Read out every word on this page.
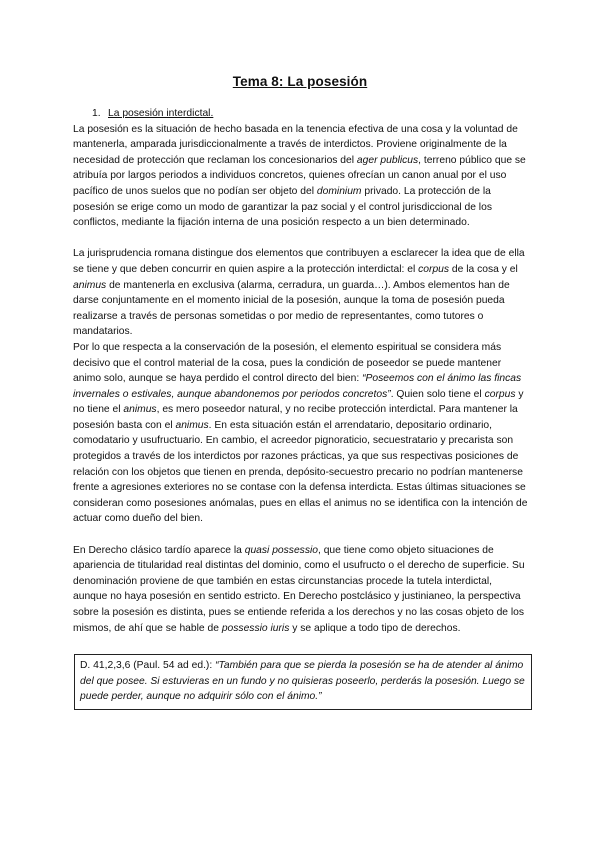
Tema 8: La posesión
1. La posesión interdictal.

La posesión es la situación de hecho basada en la tenencia efectiva de una cosa y la voluntad de mantenerla, amparada jurisdiccionalmente a través de interdictos. Proviene originalmente de la necesidad de protección que reclaman los concesionarios del ager publicus, terreno público que se atribuía por largos periodos a individuos concretos, quienes ofrecían un canon anual por el uso pacífico de unos suelos que no podían ser objeto del dominium privado. La protección de la posesión se erige como un modo de garantizar la paz social y el control jurisdiccional de los conflictos, mediante la fijación interna de una posición respecto a un bien determinado.

La jurisprudencia romana distingue dos elementos que contribuyen a esclarecer la idea que de ella se tiene y que deben concurrir en quien aspire a la protección interdictal: el corpus de la cosa y el animus de mantenerla en exclusiva (alarma, cerradura, un guarda…). Ambos elementos han de darse conjuntamente en el momento inicial de la posesión, aunque la toma de posesión pueda realizarse a través de personas sometidas o por medio de representantes, como tutores o mandatarios.

Por lo que respecta a la conservación de la posesión, el elemento espiritual se considera más decisivo que el control material de la cosa, pues la condición de poseedor se puede mantener animo solo, aunque se haya perdido el control directo del bien: “Poseemos con el ánimo las fincas invernales o estivales, aunque abandonemos por periodos concretos”. Quien solo tiene el corpus y no tiene el animus, es mero poseedor natural, y no recibe protección interdictal. Para mantener la posesión basta con el animus. En esta situación están el arrendatario, depositario ordinario, comodatario y usufructuario. En cambio, el acreedor pignoraticio, secuestratario y precarista son protegidos a través de los interdictos por razones prácticas, ya que sus respectivas posiciones de relación con los objetos que tienen en prenda, depósito-secuestro precario no podrían mantenerse frente a agresiones exteriores no se contase con la defensa interdicta. Estas últimas situaciones se consideran como posesiones anómalas, pues en ellas el animus no se identifica con la intención de actuar como dueño del bien.

En Derecho clásico tardío aparece la quasi possessio, que tiene como objeto situaciones de apariencia de titularidad real distintas del dominio, como el usufructo o el derecho de superficie. Su denominación proviene de que también en estas circunstancias procede la tutela interdictal, aunque no haya posesión en sentido estricto. En Derecho postclásico y justinianeo, la perspectiva sobre la posesión es distinta, pues se entiende referida a los derechos y no las cosas objeto de los mismos, de ahí que se hable de possessio iuris y se aplique a todo tipo de derechos.

D. 41,2,3,6 (Paul. 54 ad ed.): “También para que se pierda la posesión se ha de atender al ánimo del que posee. Si estuvieras en un fundo y no quisieras poseerlo, perderás la posesión. Luego se puede perder, aunque no adquirir sólo con el ánimo.”
